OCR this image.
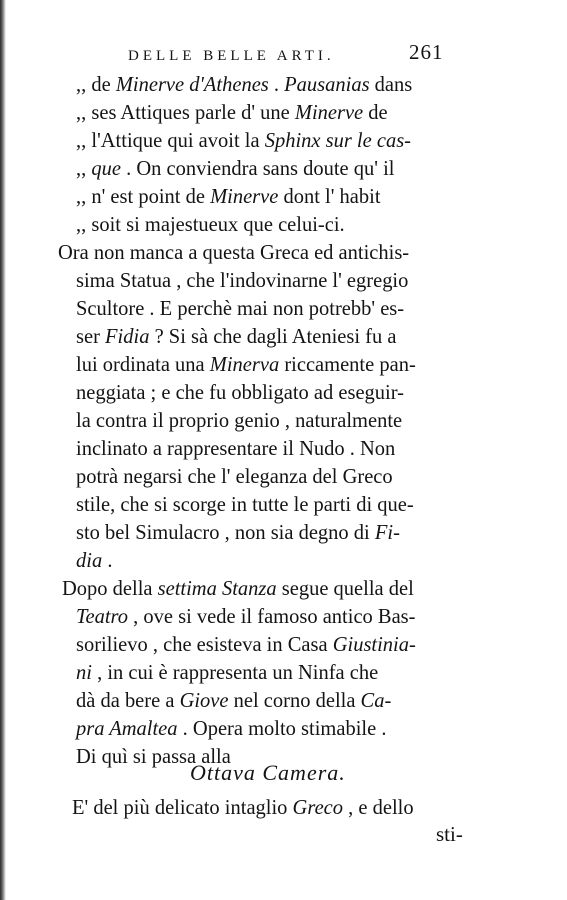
DELLE BELLE ARTI.	261
,, de Minerve d'Athenes . Pausanias dans
,, ses Attiques parle d' une Minerve de
,, l'Attique qui avoit la Sphinx sur le cas-
,, que . On conviendra sans doute qu' il
,, n' est point de Minerve dont l' habit
,, soit si majestueux que celui-ci.
Ora non manca a questa Greca ed antichis-
sima Statua , che l'indovinarne l' egregio
Scultore . E perchè mai non potrebb' es-
ser Fidia ? Si sà che dagli Ateniesi fu a
lui ordinata una Minerva riccamente pan-
neggiata ; e che fu obbligato ad eseguir-
la contra il proprio genio , naturalmente
inclinato a rappresentare il Nudo . Non
potrà negarsi che l' eleganza del Greco
stile, che si scorge in tutte le parti di que-
sto bel Simulacro , non sia degno di Fi-
dia .
Dopo della settima Stanza segue quella del
Teatro , ove si vede il famoso antico Bas-
sorilievo , che esisteva in Casa Giustinia-
ni , in cui è rappresenta un Ninfa che
dà da bere a Giove nel corno della Ca-
pra Amaltea . Opera molto stimabile .
Di quì si passa alla
Ottava Camera.
E' del più delicato intaglio Greco , e dello
sti-
